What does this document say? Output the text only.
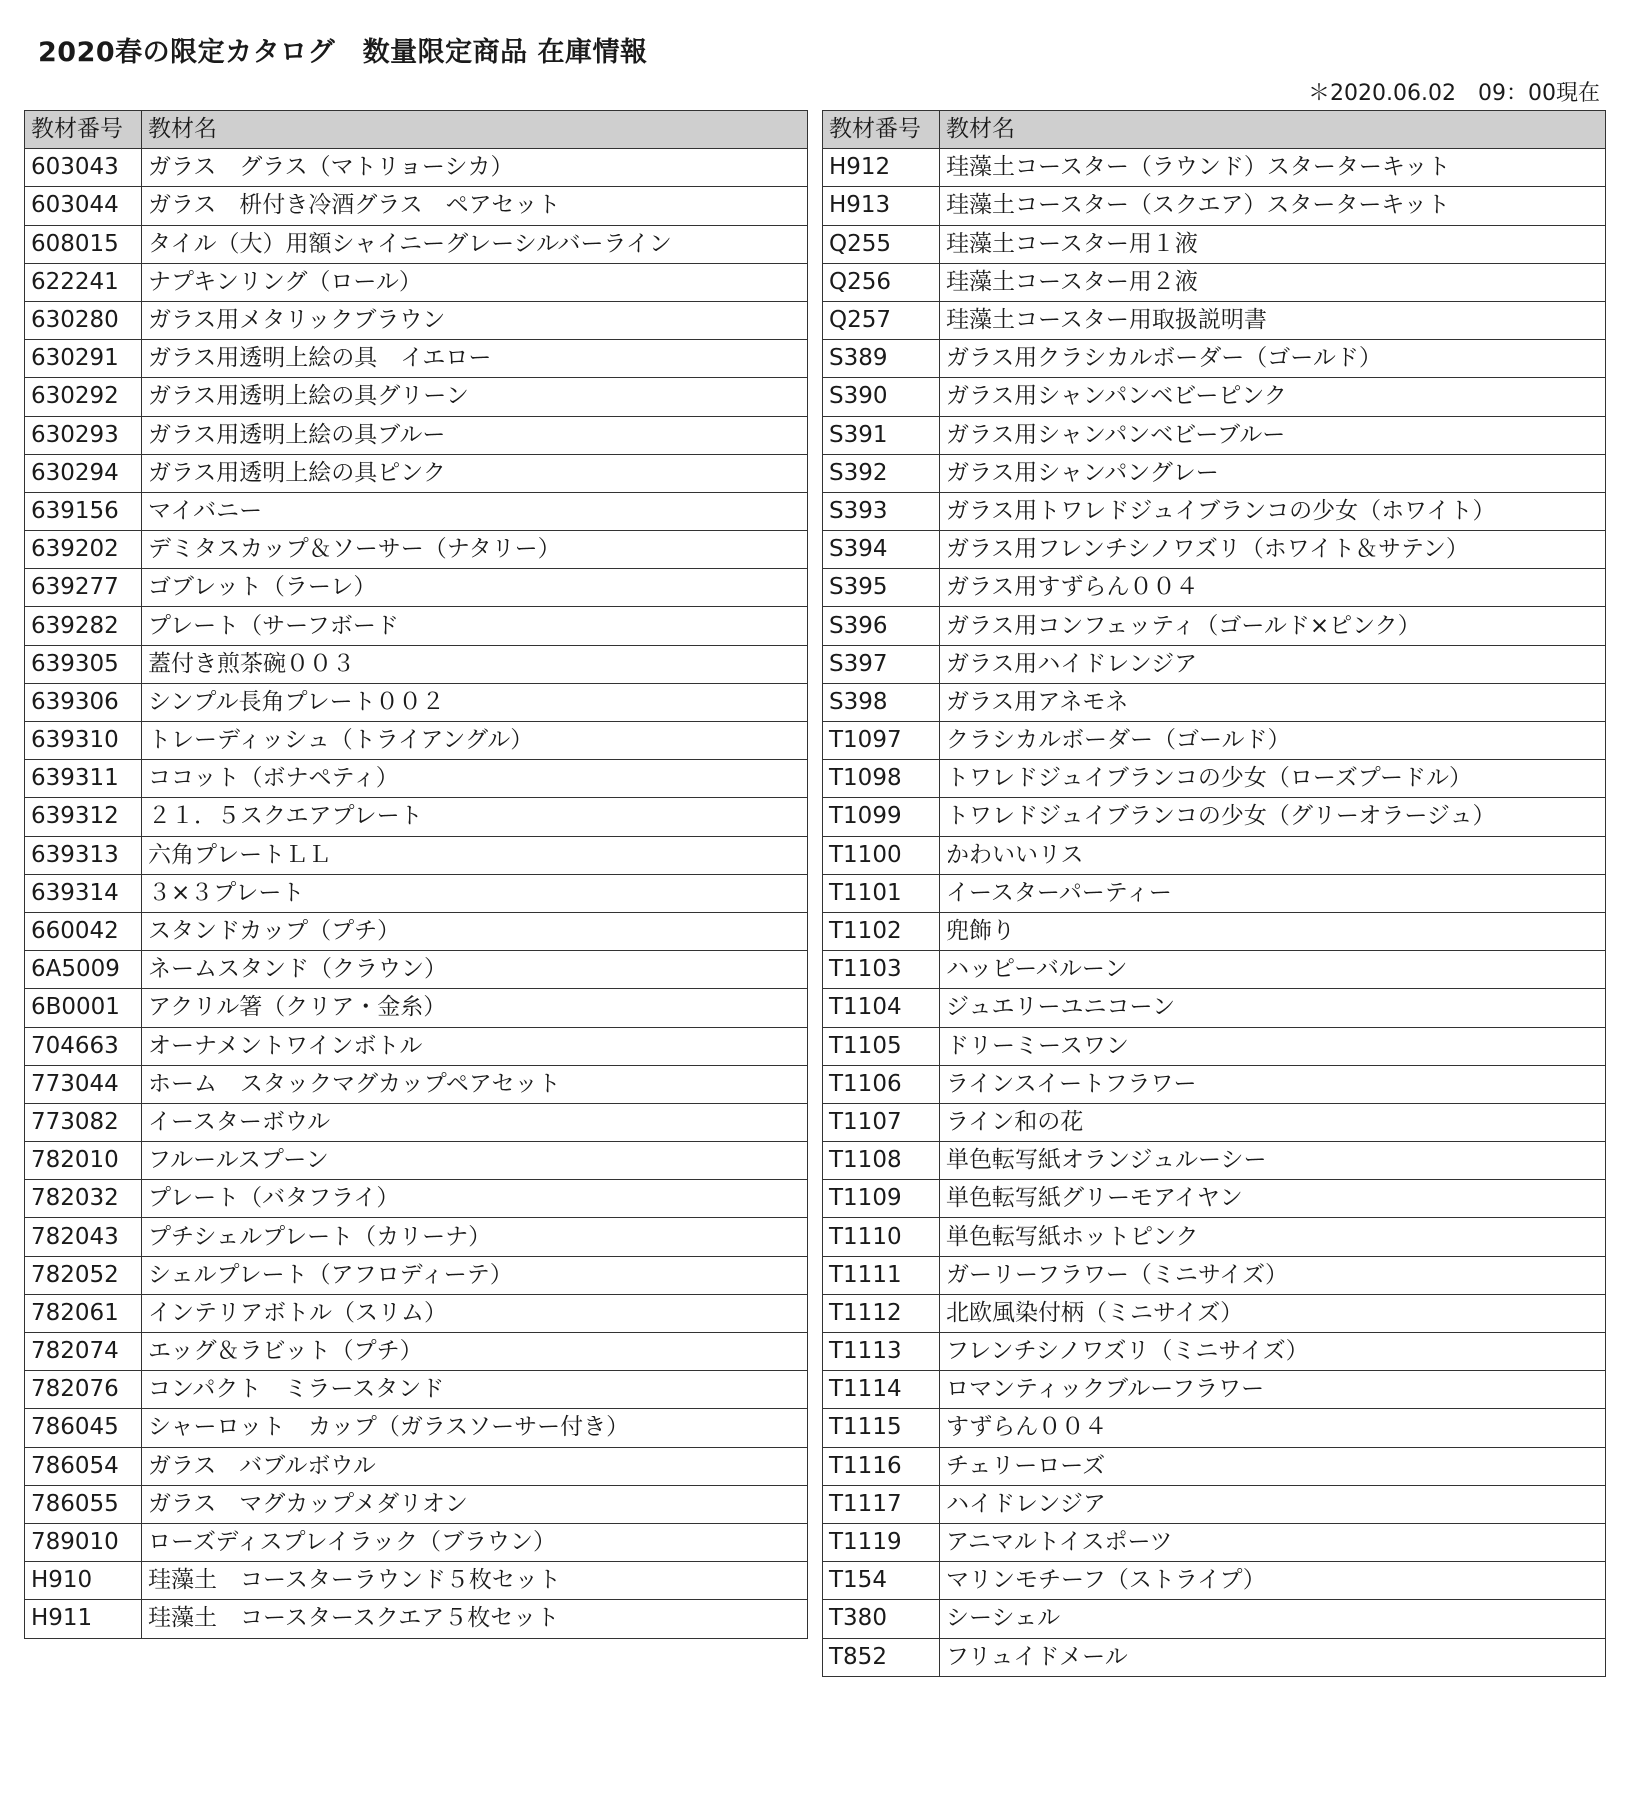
2020春の限定カタログ　数量限定商品 在庫情報
＊2020.06.02　09：00現在
教材番号	教材名
603043	ガラス　グラス（マトリョーシカ）
603044	ガラス　枡付き冷酒グラス　ペアセット
608015	タイル（大）用額シャイニーグレーシルバーライン
622241	ナプキンリング（ロール）
630280	ガラス用メタリックブラウン
630291	ガラス用透明上絵の具　イエロー
630292	ガラス用透明上絵の具グリーン
630293	ガラス用透明上絵の具ブルー
630294	ガラス用透明上絵の具ピンク
639156	マイバニー
639202	デミタスカップ＆ソーサー（ナタリー）
639277	ゴブレット（ラーレ）
639282	プレート（サーフボード
639305	蓋付き煎茶碗００３
639306	シンプル長角プレート００２
639310	トレーディッシュ（トライアングル）
639311	ココット（ボナペティ）
639312	２１．５スクエアプレート
639313	六角プレートＬＬ
639314	３×３プレート
660042	スタンドカップ（プチ）
6A5009	ネームスタンド（クラウン）
6B0001	アクリル箸（クリア・金糸）
704663	オーナメントワインボトル
773044	ホーム　スタックマグカップペアセット
773082	イースターボウル
782010	フルールスプーン
782032	プレート（バタフライ）
782043	プチシェルプレート（カリーナ）
782052	シェルプレート（アフロディーテ）
782061	インテリアボトル（スリム）
782074	エッグ＆ラビット（プチ）
782076	コンパクト　ミラースタンド
786045	シャーロット　カップ（ガラスソーサー付き）
786054	ガラス　バブルボウル
786055	ガラス　マグカップメダリオン
789010	ローズディスプレイラック（ブラウン）
H910	珪藻土　コースターラウンド５枚セット
H911	珪藻土　コースタースクエア５枚セット
教材番号	教材名
H912	珪藻土コースター（ラウンド）スターターキット
H913	珪藻土コースター（スクエア）スターターキット
Q255	珪藻土コースター用１液
Q256	珪藻土コースター用２液
Q257	珪藻土コースター用取扱説明書
S389	ガラス用クラシカルボーダー（ゴールド）
S390	ガラス用シャンパンベビーピンク
S391	ガラス用シャンパンベビーブルー
S392	ガラス用シャンパングレー
S393	ガラス用トワレドジュイブランコの少女（ホワイト）
S394	ガラス用フレンチシノワズリ（ホワイト＆サテン）
S395	ガラス用すずらん００４
S396	ガラス用コンフェッティ（ゴールド×ピンク）
S397	ガラス用ハイドレンジア
S398	ガラス用アネモネ
T1097	クラシカルボーダー（ゴールド）
T1098	トワレドジュイブランコの少女（ローズプードル）
T1099	トワレドジュイブランコの少女（グリーオラージュ）
T1100	かわいいリス
T1101	イースターパーティー
T1102	兜飾り
T1103	ハッピーバルーン
T1104	ジュエリーユニコーン
T1105	ドリーミースワン
T1106	ラインスイートフラワー
T1107	ライン和の花
T1108	単色転写紙オランジュルーシー
T1109	単色転写紙グリーモアイヤン
T1110	単色転写紙ホットピンク
T1111	ガーリーフラワー（ミニサイズ）
T1112	北欧風染付柄（ミニサイズ）
T1113	フレンチシノワズリ（ミニサイズ）
T1114	ロマンティックブルーフラワー
T1115	すずらん００４
T1116	チェリーローズ
T1117	ハイドレンジア
T1119	アニマルトイスポーツ
T154	マリンモチーフ（ストライプ）
T380	シーシェル
T852	フリュイドメール
